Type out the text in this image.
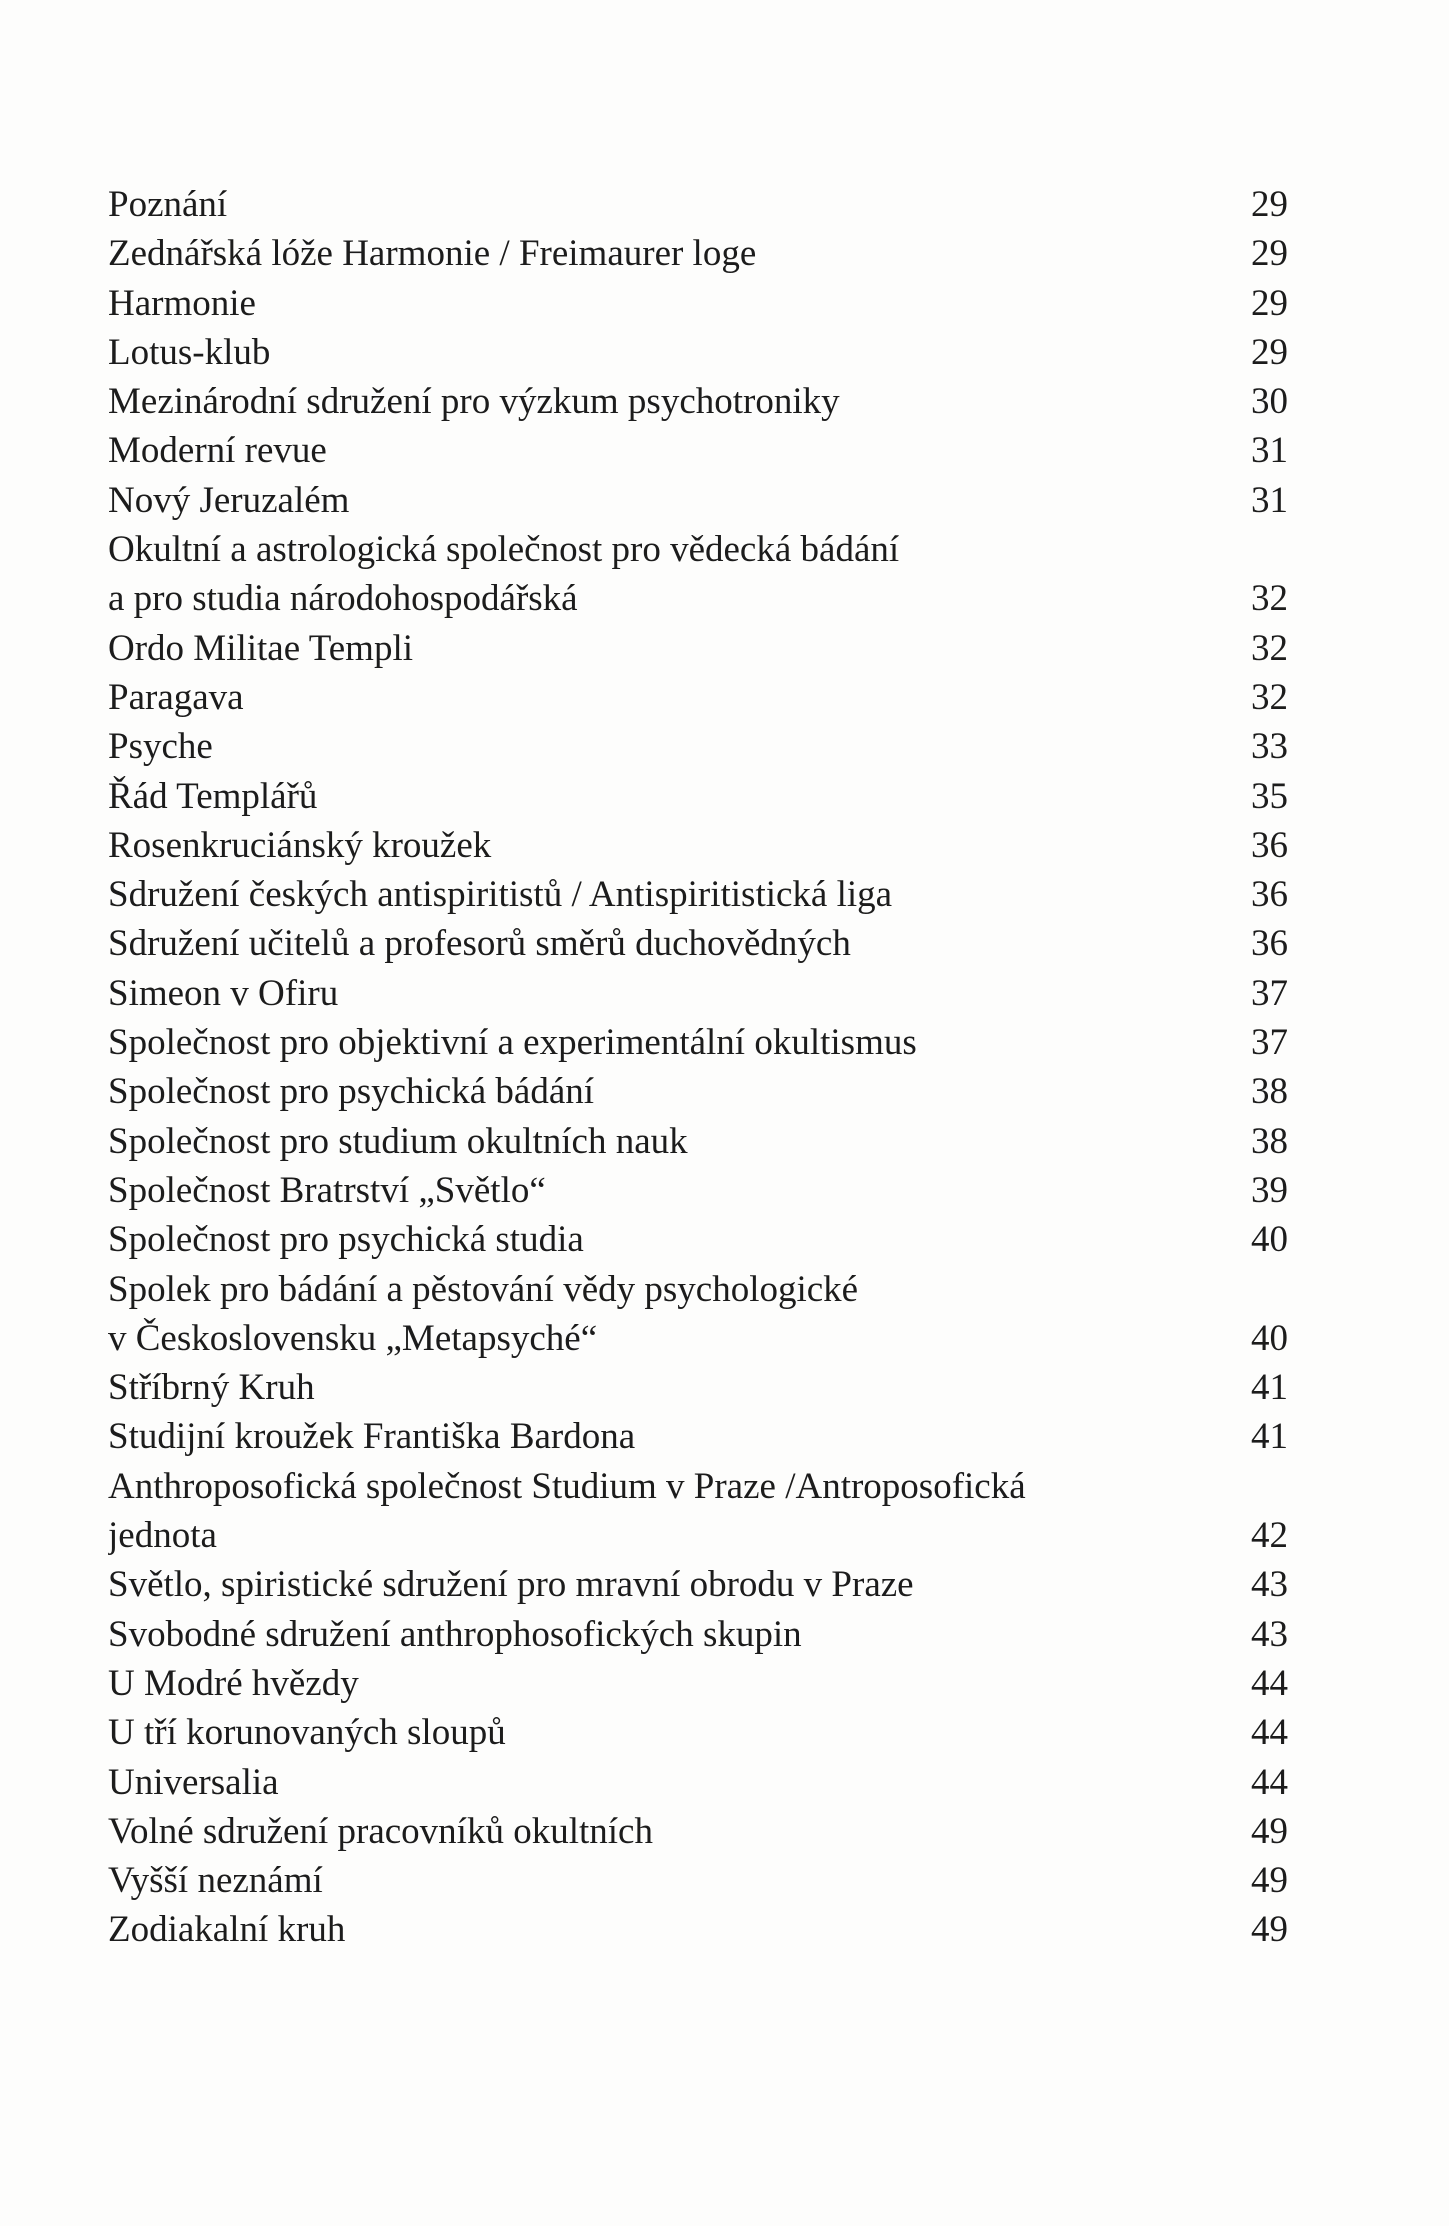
Poznání	29
Zednářská lóže Harmonie / Freimaurer loge	29
Harmonie	29
Lotus-klub	29
Mezinárodní sdružení pro výzkum psychotroniky	30
Moderní revue	31
Nový Jeruzalém	31
Okultní a astrologická společnost pro vědecká bádání
a pro studia národohospodářská	32
Ordo Militae Templi	32
Paragava	32
Psyche	33
Řád Templářů	35
Rosenkruciánský kroužek	36
Sdružení českých antispiritistů / Antispiritistická liga	36
Sdružení učitelů a profesorů směrů duchovědných	36
Simeon v Ofiru	37
Společnost pro objektivní a experimentální okultismus	37
Společnost pro psychická bádání	38
Společnost pro studium okultních nauk	38
Společnost Bratrství „Světlo“	39
Společnost pro psychická studia	40
Spolek pro bádání a pěstování vědy psychologické
v Československu „Metapsyché“	40
Stříbrný Kruh	41
Studijní kroužek Františka Bardona	41
Anthroposofická společnost Studium v Praze /Antroposofická
jednota	42
Světlo, spiristické sdružení pro mravní obrodu v Praze	43
Svobodné sdružení anthrophosofických skupin	43
U Modré hvězdy	44
U tří korunovaných sloupů	44
Universalia	44
Volné sdružení pracovníků okultních	49
Vyšší neznámí	49
Zodiakalní kruh	49
